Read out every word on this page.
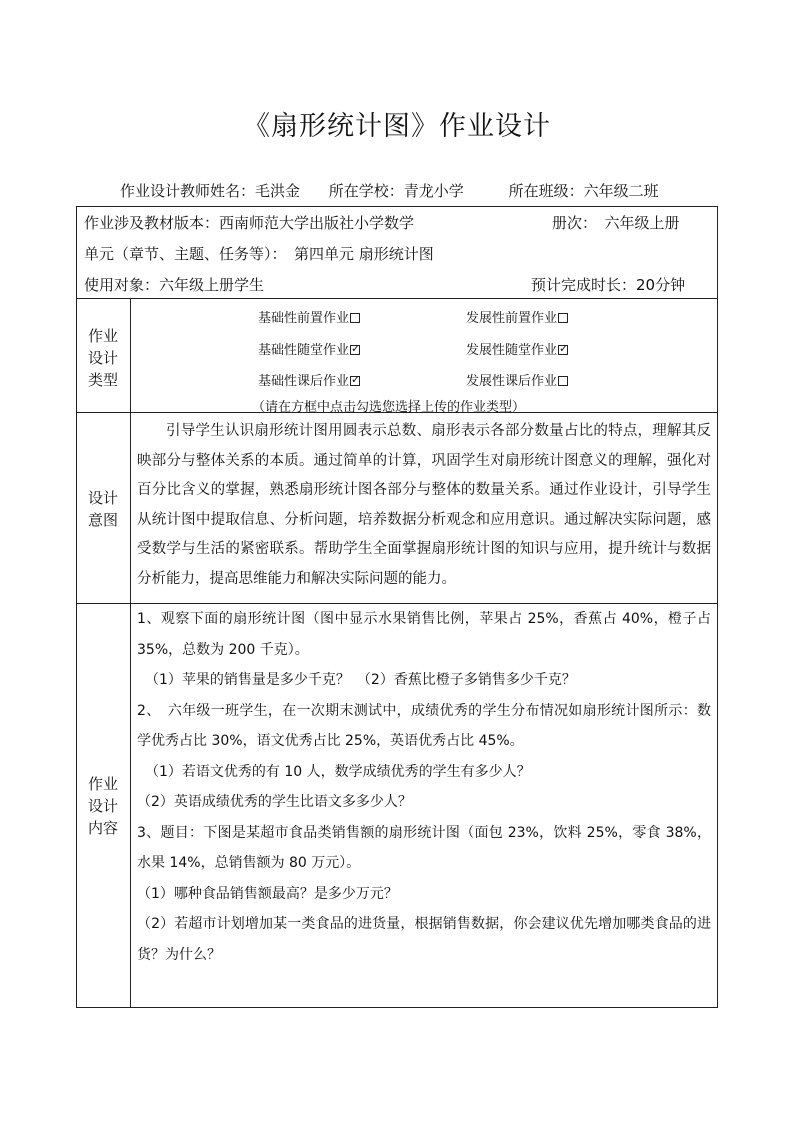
《扇形统计图》作业设计
作业设计教师姓名：毛洪金 所在学校：青龙小学	所在班级：六年级二班
作业涉及教材版本：西南师范大学出版社小学数学	册次：　六年级上册
单元（章节、主题、任务等）：　第四单元 扇形统计图
使用对象：六年级上册学生	预计完成时长：20分钟
作业
设计
类型
基础性前置作业	发展性前置作业
基础性随堂作业 ✓	发展性随堂作业✓
基础性课后作业 ✓	发展性课后作业
（请在方框中点击勾选您选择上传的作业类型）
设计
意图

引导学生认识扇形统计图用圆表示总数、扇形表示各部分数量占比的特点，理解其反映部分与整体关系的本质。通过简单的计算，巩固学生对扇形统计图意义的理解，强化对百分比含义的掌握，熟悉扇形统计图各部分与整体的数量关系。通过作业设计，引导学生从统计图中提取信息、分析问题，培养数据分析观念和应用意识。通过解决实际问题，感受数学与生活的紧密联系。帮助学生全面掌握扇形统计图的知识与应用，提升统计与数据分析能力，提高思维能力和解决实际问题的能力。

作业
设计
内容

1、观察下面的扇形统计图（图中显示水果销售比例，苹果占 25%，香蕉占 40%，橙子占 35%，总数为 200 千克）。

（1）苹果的销售量是多少千克？　（2）香蕉比橙子多销售多少千克？

2、　六年级一班学生，在一次期末测试中，成绩优秀的学生分布情况如扇形统计图所示：数学优秀占比 30%，语文优秀占比 25%，英语优秀占比 45%。

（1）若语文优秀的有 10 人，数学成绩优秀的学生有多少人？

（2）英语成绩优秀的学生比语文多多少人？

3、题目：下图是某超市食品类销售额的扇形统计图（面包 23%，饮料 25%，零食 38%，水果 14%，总销售额为 80 万元）。

（1）哪种食品销售额最高？是多少万元？

（2）若超市计划增加某一类食品的进货量，根据销售数据，你会建议优先增加哪类食品的进货？为什么？
